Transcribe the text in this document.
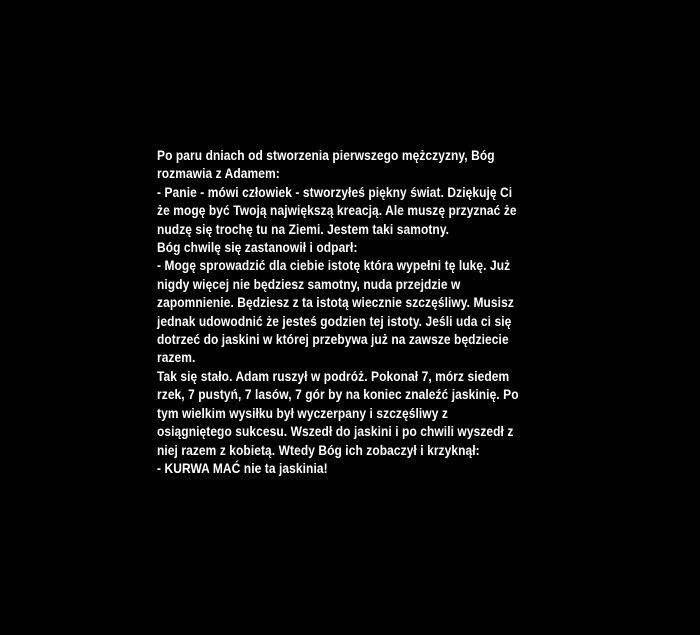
Po paru dniach od stworzenia pierwszego mężczyzny, Bóg
rozmawia z Adamem:
- Panie - mówi człowiek - stworzyłeś piękny świat. Dziękuję Ci
że mogę być Twoją największą kreacją. Ale muszę przyznać że
nudzę się trochę tu na Ziemi. Jestem taki samotny.
Bóg chwilę się zastanowił i odparł:
- Mogę sprowadzić dla ciebie istotę która wypełni tę lukę. Już
nigdy więcej nie będziesz samotny, nuda przejdzie w
zapomnienie. Będziesz z ta istotą wiecznie szczęśliwy. Musisz
jednak udowodnić że jesteś godzien tej istoty. Jeśli uda ci się
dotrzeć do jaskini w której przebywa już na zawsze będziecie
razem.
Tak się stało. Adam ruszył w podróż. Pokonał 7, mórz siedem
rzek, 7 pustyń, 7 lasów, 7 gór by na koniec znaleźć jaskinię. Po
tym wielkim wysiłku był wyczerpany i szczęśliwy z
osiągniętego sukcesu. Wszedł do jaskini i po chwili wyszedł z
niej razem z kobietą. Wtedy Bóg ich zobaczył i krzyknął:
- KURWA MAĆ nie ta jaskinia!
